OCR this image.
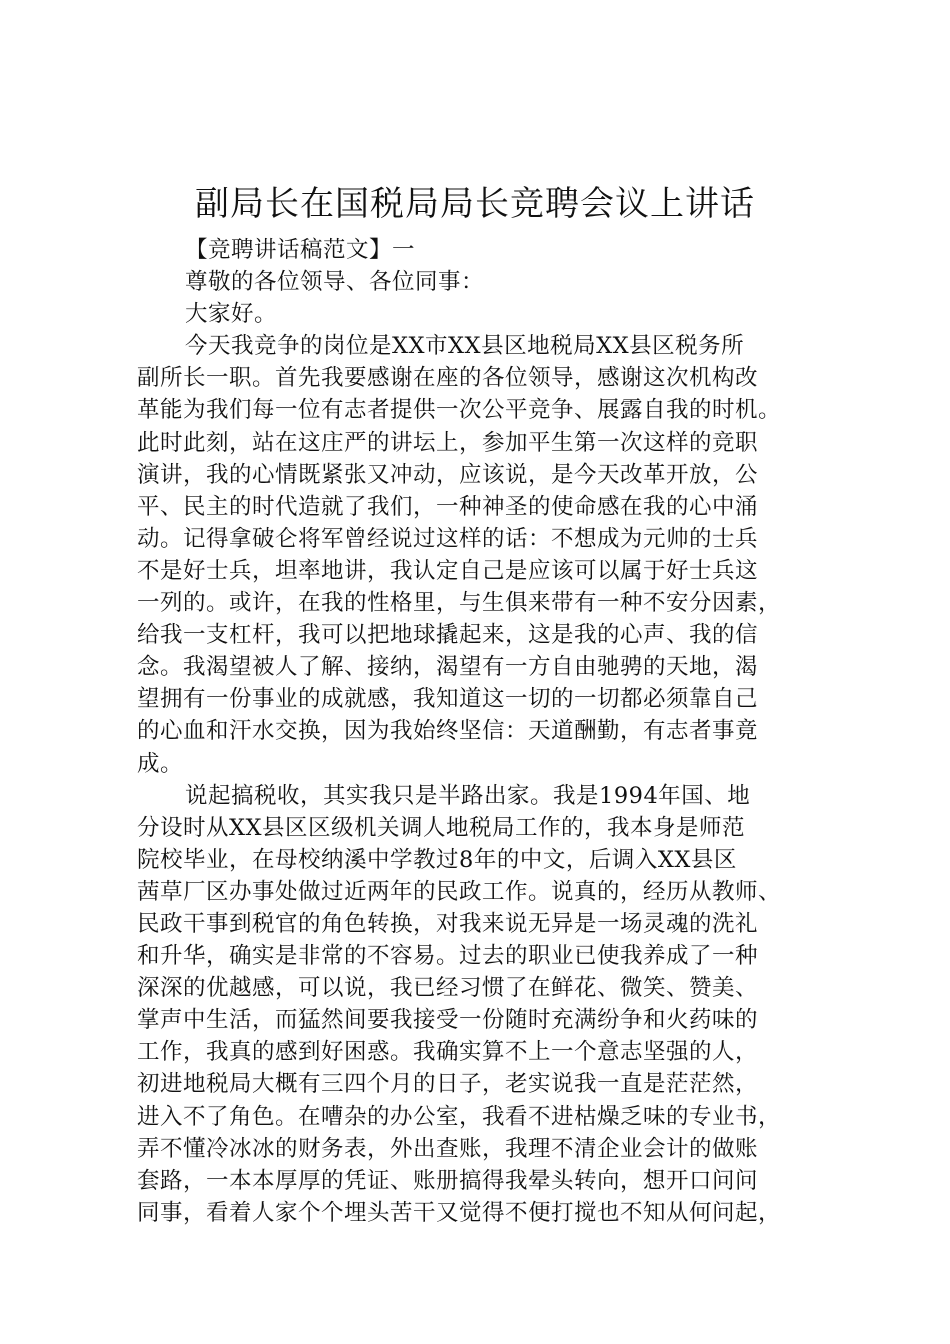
副局长在国税局局长竞聘会议上讲话
【竞聘讲话稿范文】一
尊敬的各位领导、各位同事：
大家好。
今天我竞争的岗位是XX市XX县区地税局XX县区税务所
副所长一职。首先我要感谢在座的各位领导，感谢这次机构改
革能为我们每一位有志者提供一次公平竞争、展露自我的时机。
此时此刻，站在这庄严的讲坛上，参加平生第一次这样的竞职
演讲，我的心情既紧张又冲动，应该说，是今天改革开放，公
平、民主的时代造就了我们，一种神圣的使命感在我的心中涌
动。记得拿破仑将军曾经说过这样的话：不想成为元帅的士兵
不是好士兵，坦率地讲，我认定自己是应该可以属于好士兵这
一列的。或许，在我的性格里，与生俱来带有一种不安分因素，
给我一支杠杆，我可以把地球撬起来，这是我的心声、我的信
念。我渴望被人了解、接纳，渴望有一方自由驰骋的天地，渴
望拥有一份事业的成就感，我知道这一切的一切都必须靠自己
的心血和汗水交换，因为我始终坚信：天道酬勤，有志者事竟
成。
说起搞税收，其实我只是半路出家。我是1994年国、地
分设时从XX县区区级机关调人地税局工作的，我本身是师范
院校毕业，在母校纳溪中学教过8年的中文，后调入XX县区
茜草厂区办事处做过近两年的民政工作。说真的，经历从教师、
民政干事到税官的角色转换，对我来说无异是一场灵魂的洗礼
和升华，确实是非常的不容易。过去的职业已使我养成了一种
深深的优越感，可以说，我已经习惯了在鲜花、微笑、赞美、
掌声中生活，而猛然间要我接受一份随时充满纷争和火药味的
工作，我真的感到好困惑。我确实算不上一个意志坚强的人，
初进地税局大概有三四个月的日子，老实说我一直是茫茫然，
进入不了角色。在嘈杂的办公室，我看不进枯燥乏味的专业书，
弄不懂冷冰冰的财务表，外出查账，我理不清企业会计的做账
套路，一本本厚厚的凭证、账册搞得我晕头转向，想开口问问
同事，看着人家个个埋头苦干又觉得不便打搅也不知从何问起，
